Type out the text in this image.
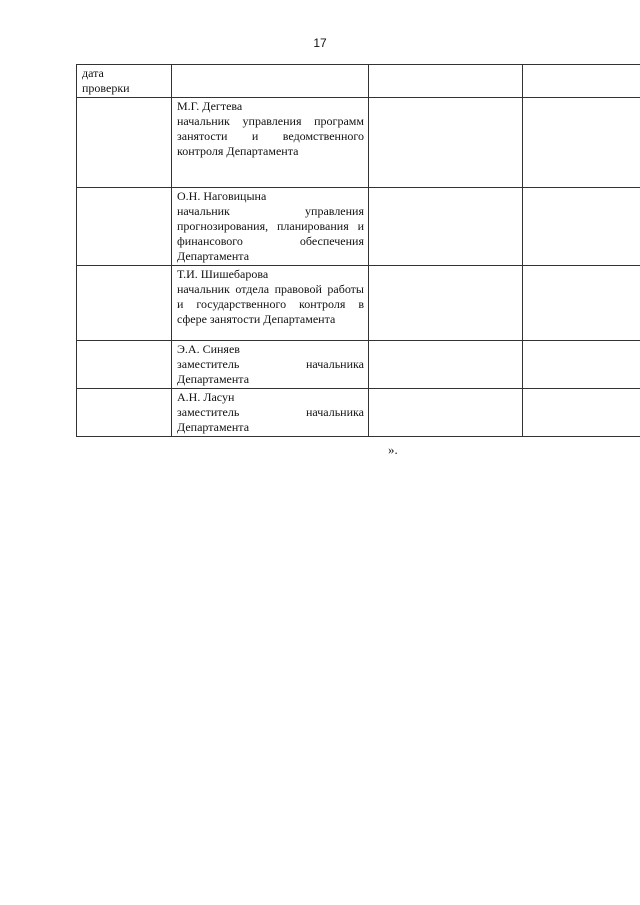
17
дата
проверки			

	М.Г. Дегтева
начальник управления программ занятости и ведомственного контроля Департамента		

	О.Н. Наговицына
начальник управления прогнозирования, планирования и финансового обеспечения Департамента		

	Т.И. Шишебарова
начальник отдела правовой работы и государственного контроля в сфере занятости Департамента		

	Э.А. Синяев
заместитель начальника
Департамента		

	А.Н. Ласун
заместитель начальника
Департамента		

».
